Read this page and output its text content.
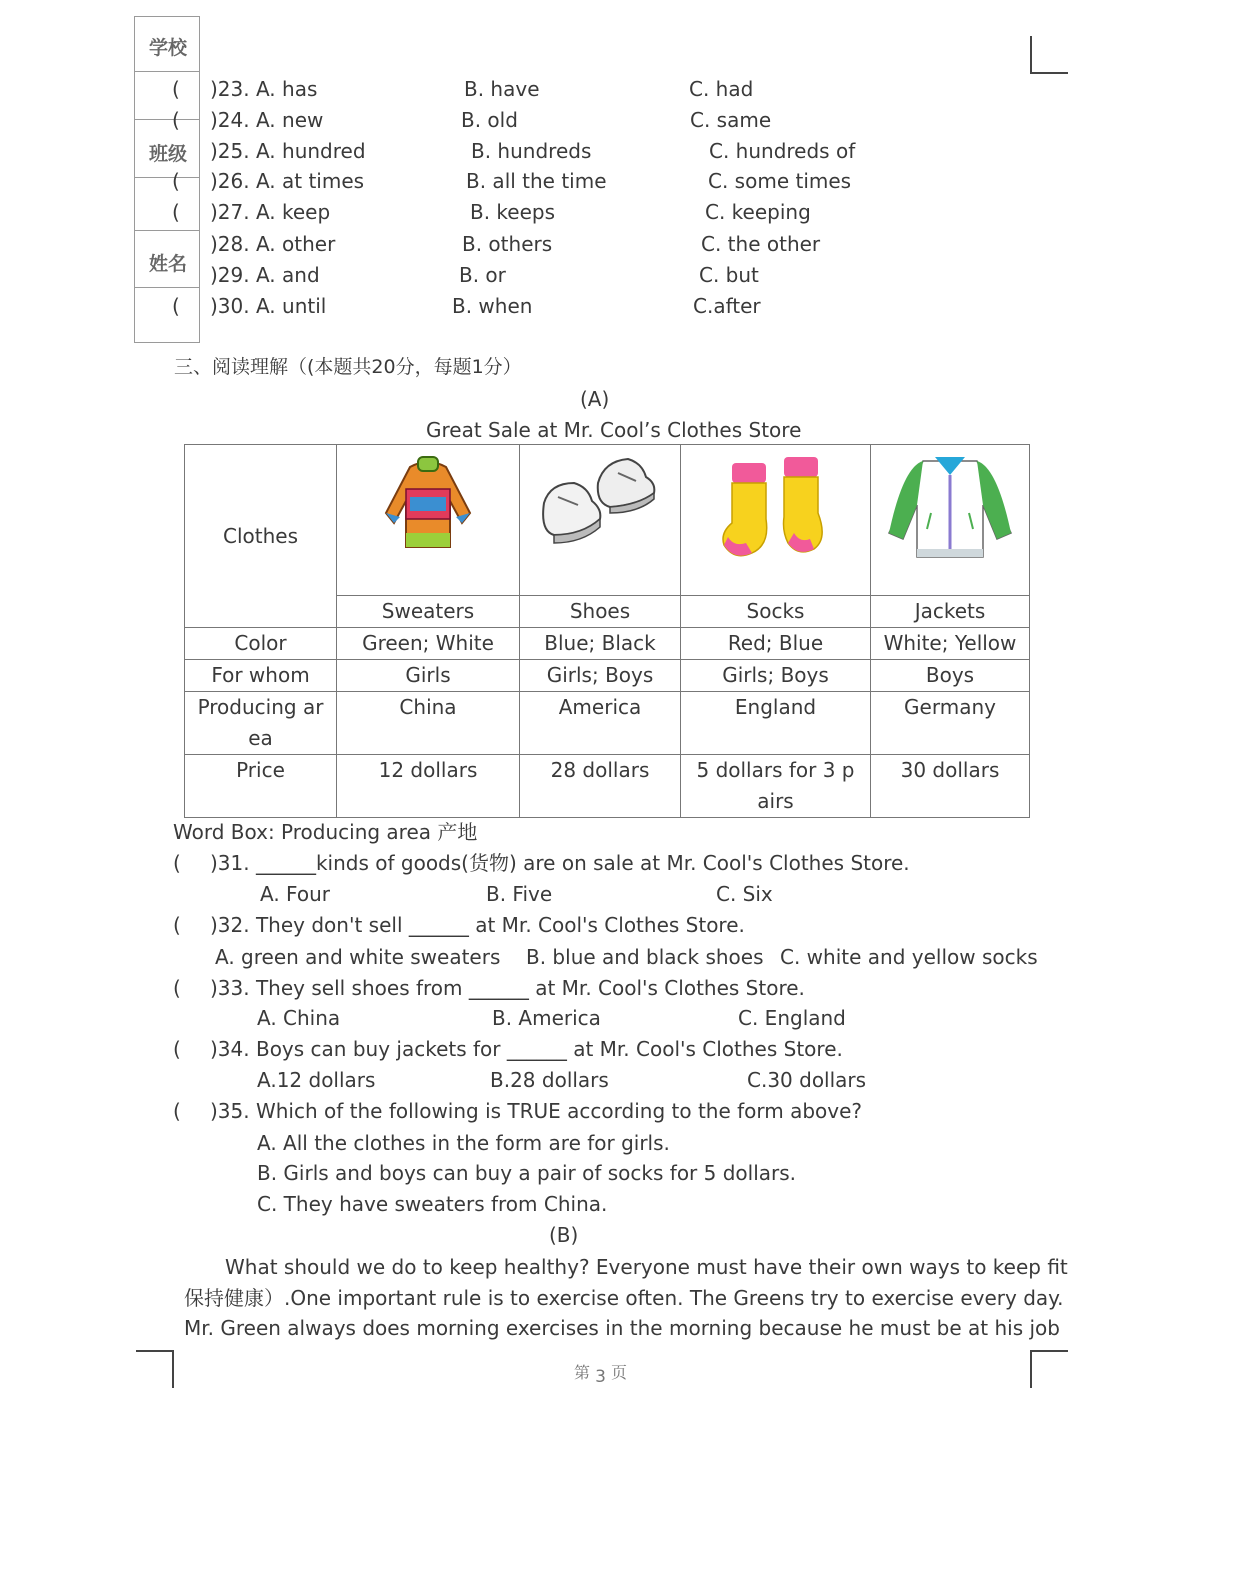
学校
班级
姓名
( )23. A. has	B. have	C. had
( )24. A. new	B. old	C. same
)25. A. hundred	B. hundreds	C. hundreds of
( )26. A. at times	B. all the time	C. some times
( )27. A. keep	B. keeps	C. keeping
)28. A. other	B. others	C. the other
)29. A. and	B. or	C. but
( )30. A. until	B. when	C.after
三、阅读理解（(本题共20分，每题1分）
(A)
Great Sale at Mr. Cool’s Clothes Store
Clothes	

	Sweaters	Shoes	Socks	Jackets
Color	Green; White	Blue; Black	Red; Blue	White; Yellow
For whom	Girls	Girls; Boys	Girls; Boys	Boys
Producing area	China	America	England	Germany
Price	12 dollars	28 dollars	5 dollars for 3 pairs	30 dollars
Word Box: Producing area 产地
( )31. ______kinds of goods(货物) are on sale at Mr. Cool's Clothes Store.
A. Four	B. Five	C. Six
( )32. They don't sell ______ at Mr. Cool's Clothes Store.
A. green and white sweaters B. blue and black shoes C. white and yellow socks
( )33. They sell shoes from ______ at Mr. Cool's Clothes Store.
A. China	B. America	C. England
( )34. Boys can buy jackets for ______ at Mr. Cool's Clothes Store.
A.12 dollars	B.28 dollars	C.30 dollars
( )35. Which of the following is TRUE according to the form above?
A. All the clothes in the form are for girls.
B. Girls and boys can buy a pair of socks for 5 dollars.
C. They have sweaters from China.
(B)
What should we do to keep healthy? Everyone must have their own ways to keep fit
保持健康）.One important rule is to exercise often. The Greens try to exercise every day.
Mr. Green always does morning exercises in the morning because he must be at his job
第 3 页
